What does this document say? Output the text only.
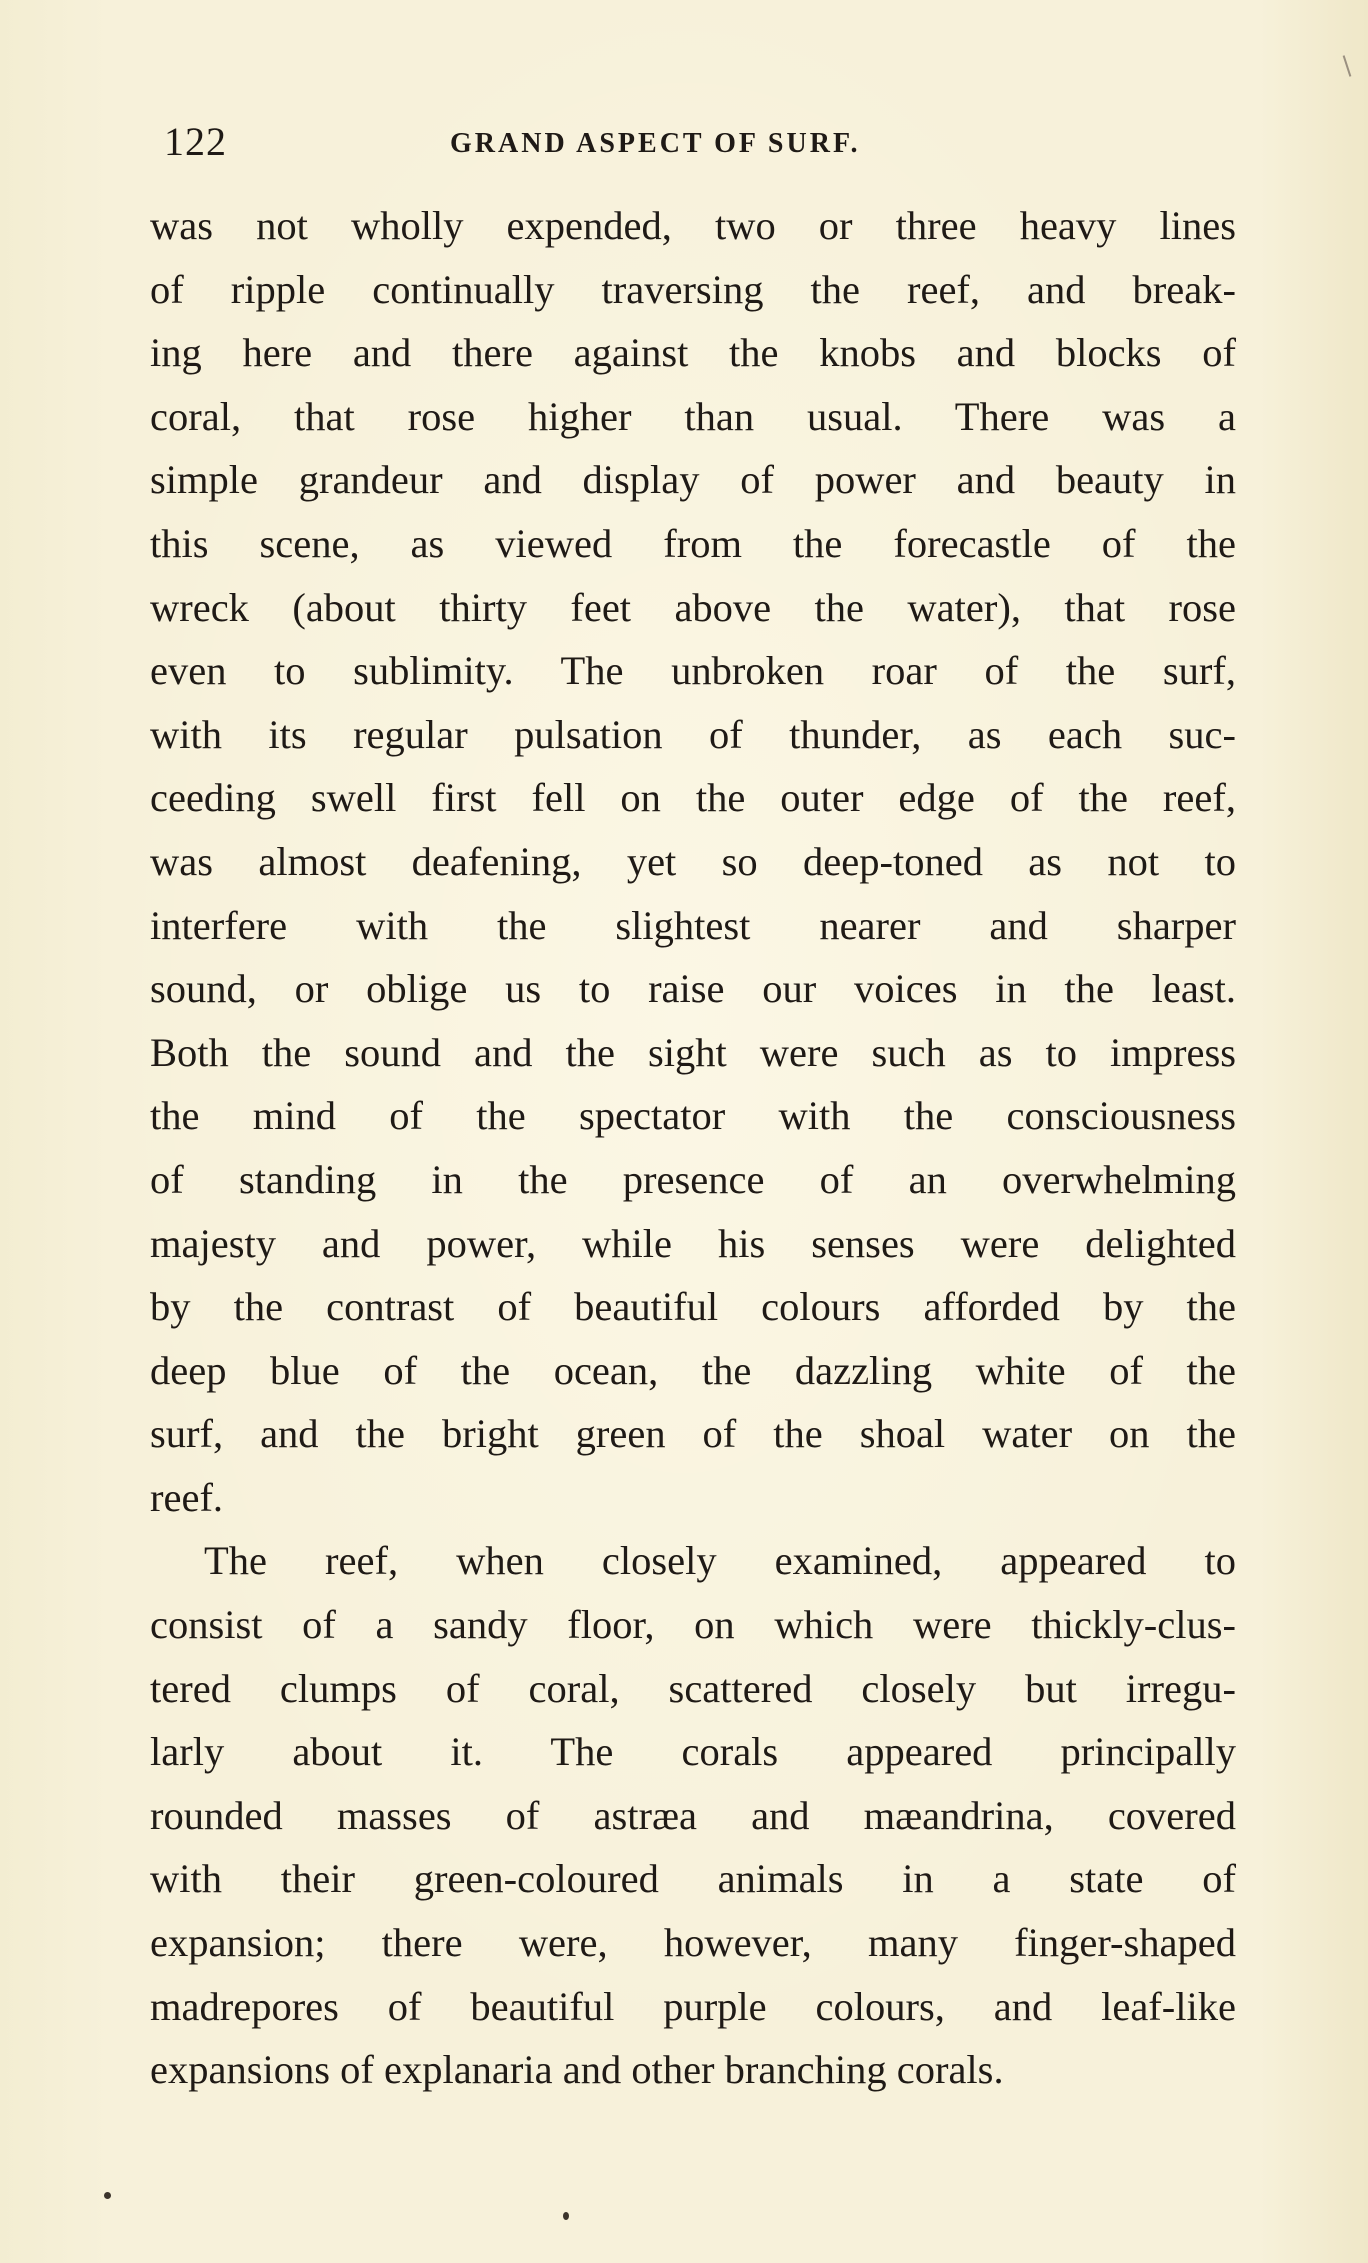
122	GRAND ASPECT OF SURF.
was not wholly expended, two or three heavy lines
of ripple continually traversing the reef, and break-
ing here and there against the knobs and blocks of
coral, that rose higher than usual. There was a
simple grandeur and display of power and beauty in
this scene, as viewed from the forecastle of the
wreck (about thirty feet above the water), that rose
even to sublimity. The unbroken roar of the surf,
with its regular pulsation of thunder, as each suc-
ceeding swell first fell on the outer edge of the reef,
was almost deafening, yet so deep-toned as not to
interfere with the slightest nearer and sharper
sound, or oblige us to raise our voices in the least.
Both the sound and the sight were such as to impress
the mind of the spectator with the consciousness
of standing in the presence of an overwhelming
majesty and power, while his senses were delighted
by the contrast of beautiful colours afforded by the
deep blue of the ocean, the dazzling white of the
surf, and the bright green of the shoal water on the
reef.
The reef, when closely examined, appeared to
consist of a sandy floor, on which were thickly-clus-
tered clumps of coral, scattered closely but irregu-
larly about it. The corals appeared principally
rounded masses of astræa and mæandrina, covered
with their green-coloured animals in a state of
expansion; there were, however, many finger-shaped
madrepores of beautiful purple colours, and leaf-like
expansions of explanaria and other branching corals.
